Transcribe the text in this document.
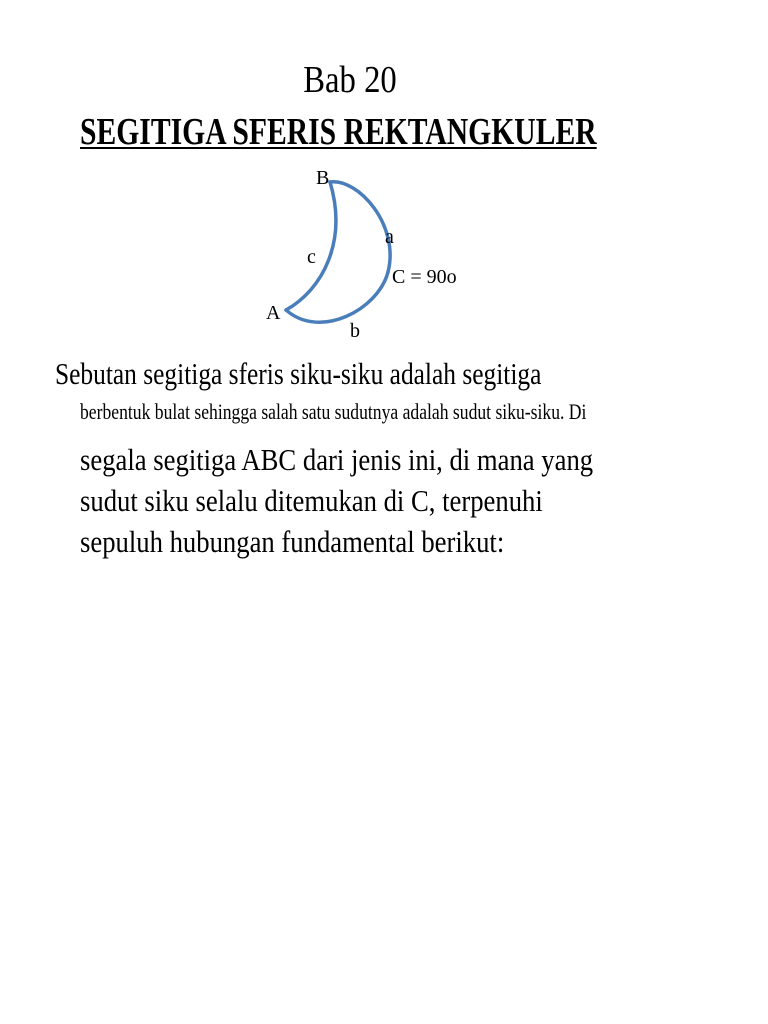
Bab 20
SEGITIGA SFERIS REKTANGKULER
B
a
c
C = 90o
A
b
Sebutan segitiga sferis siku-siku adalah segitiga
berbentuk bulat sehingga salah satu sudutnya adalah sudut siku-siku. Di
segala segitiga ABC dari jenis ini, di mana yang
sudut siku selalu ditemukan di C, terpenuhi
sepuluh hubungan fundamental berikut:
